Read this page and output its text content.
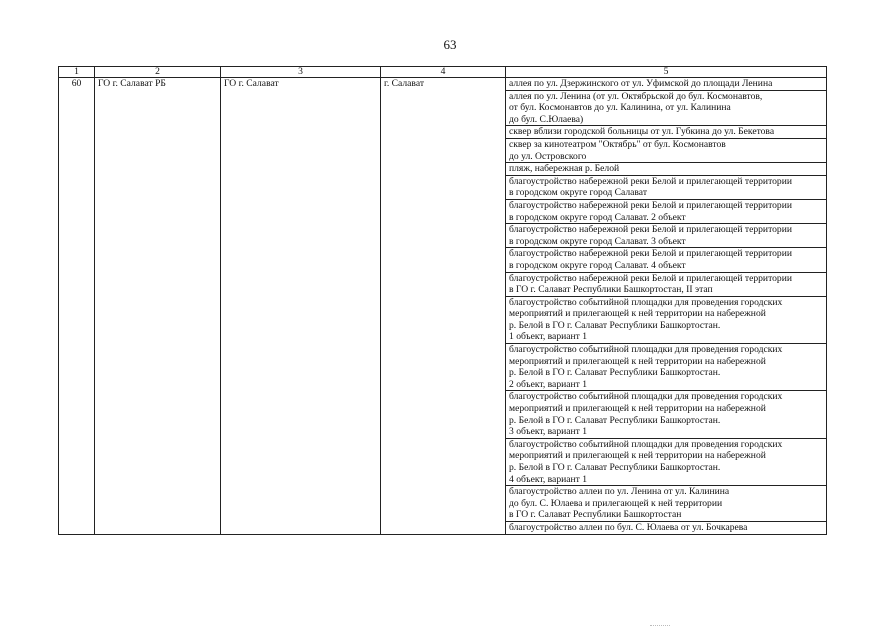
63
1	2	3	4	5
60	ГО г. Салават РБ	ГО г. Салават	г. Салават	аллея по ул. Дзержинского от ул. Уфимской до площади Ленина
				аллея по ул. Ленина (от ул. Октябрьской до бул. Космонавтов,
от бул. Космонавтов до ул. Калинина, от ул. Калинина
до бул. С.Юлаева)
				сквер вблизи городской больницы от ул. Губкина до ул. Бекетова
				сквер за кинотеатром "Октябрь" от бул. Космонавтов
до ул. Островского
				пляж, набережная р. Белой
				благоустройство набережной реки Белой и прилегающей территории
в городском округе город Салават
				благоустройство набережной реки Белой и прилегающей территории
в городском округе город Салават. 2 объект
				благоустройство набережной реки Белой и прилегающей территории
в городском округе город Салават. 3 объект
				благоустройство набережной реки Белой и прилегающей территории
в городском округе город Салават. 4 объект
				благоустройство набережной реки Белой и прилегающей территории
в ГО г. Салават Республики Башкортостан, II этап
				благоустройство событийной площадки для проведения городских
мероприятий и прилегающей к ней территории на набережной
р. Белой в ГО г. Салават Республики Башкортостан.
1 объект, вариант 1
				благоустройство событийной площадки для проведения городских
мероприятий и прилегающей к ней территории на набережной
р. Белой в ГО г. Салават Республики Башкортостан.
2 объект, вариант 1
				благоустройство событийной площадки для проведения городских
мероприятий и прилегающей к ней территории на набережной
р. Белой в ГО г. Салават Республики Башкортостан.
3 объект, вариант 1
				благоустройство событийной площадки для проведения городских
мероприятий и прилегающей к ней территории на набережной
р. Белой в ГО г. Салават Республики Башкортостан.
4 объект, вариант 1
				благоустройство аллеи по ул. Ленина от ул. Калинина
до бул. С. Юлаева и прилегающей к ней территории
в ГО г. Салават Республики Башкортостан
				благоустройство аллеи по бул. С. Юлаева от ул. Бочкарева
